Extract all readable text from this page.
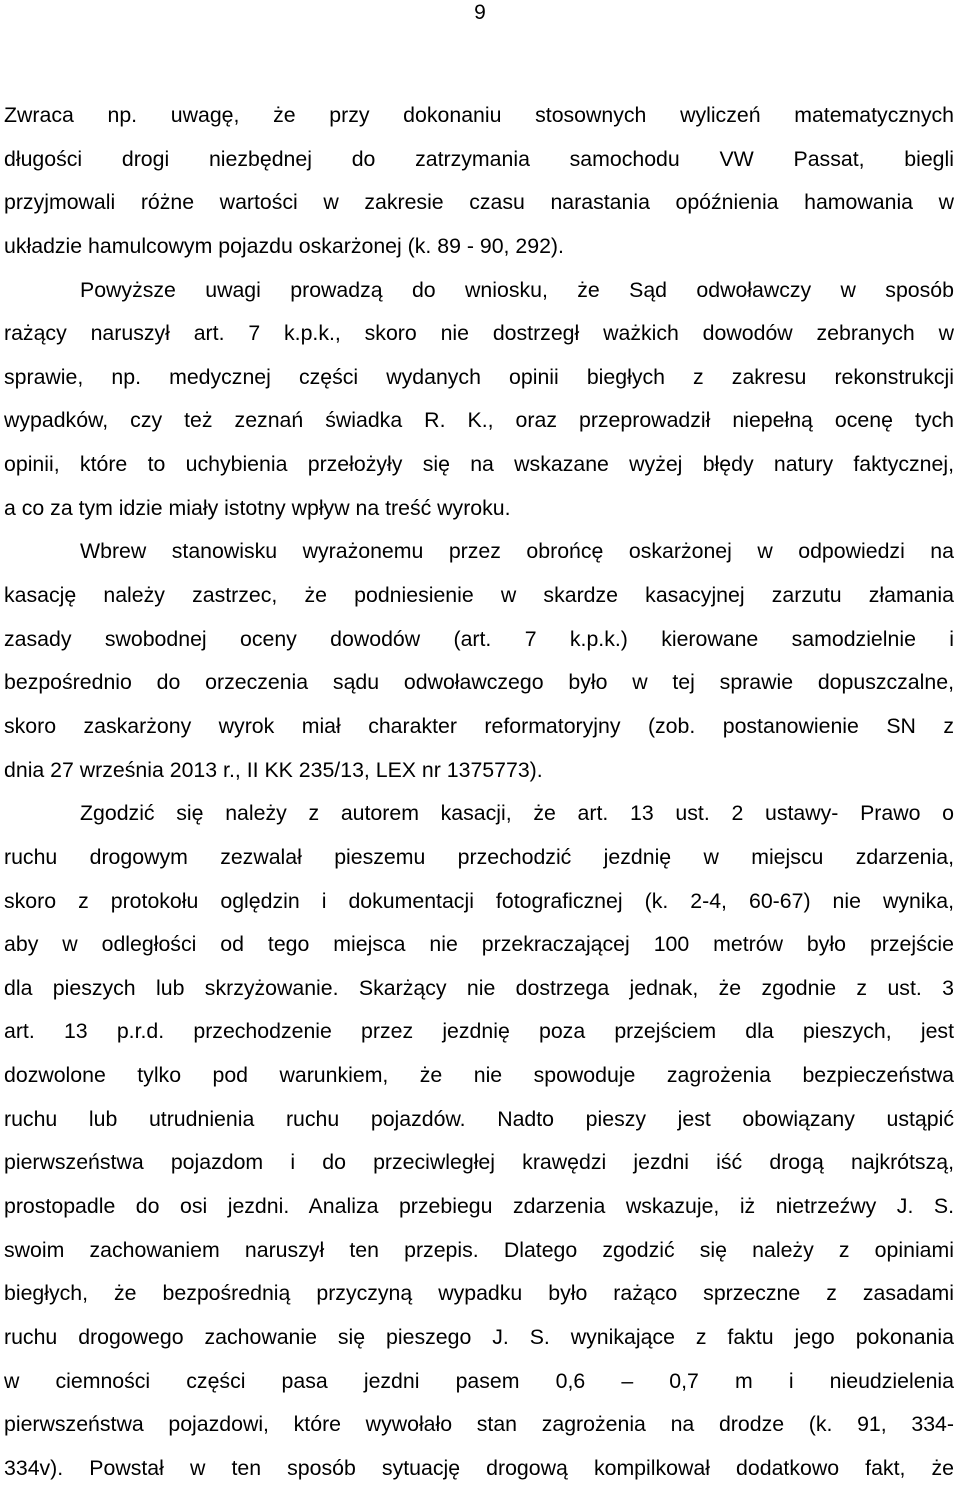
9
Zwraca np. uwagę, że przy dokonaniu stosownych wyliczeń matematycznych
długości drogi niezbędnej do zatrzymania samochodu VW Passat, biegli
przyjmowali różne wartości w zakresie czasu narastania opóźnienia hamowania w
układzie hamulcowym pojazdu oskarżonej (k. 89 - 90, 292).
Powyższe uwagi prowadzą do wniosku, że Sąd odwoławczy w sposób
rażący naruszył art. 7 k.p.k., skoro nie dostrzegł ważkich dowodów zebranych w
sprawie, np. medycznej części wydanych opinii biegłych z zakresu rekonstrukcji
wypadków, czy też zeznań świadka R. K., oraz przeprowadził niepełną ocenę tych
opinii, które to uchybienia przełożyły się na wskazane wyżej błędy natury faktycznej,
a co za tym idzie miały istotny wpływ na treść wyroku.
Wbrew stanowisku wyrażonemu przez obrońcę oskarżonej w odpowiedzi na
kasację należy zastrzec, że podniesienie w skardze kasacyjnej zarzutu złamania
zasady swobodnej oceny dowodów (art. 7 k.p.k.) kierowane samodzielnie i
bezpośrednio do orzeczenia sądu odwoławczego było w tej sprawie dopuszczalne,
skoro zaskarżony wyrok miał charakter reformatoryjny (zob. postanowienie SN z
dnia 27 września 2013 r., II KK 235/13, LEX nr 1375773).
Zgodzić się należy z autorem kasacji, że art. 13 ust. 2 ustawy- Prawo o
ruchu drogowym zezwalał pieszemu przechodzić jezdnię w miejscu zdarzenia,
skoro z protokołu oględzin i dokumentacji fotograficznej (k. 2-4, 60-67) nie wynika,
aby w odległości od tego miejsca nie przekraczającej 100 metrów było przejście
dla pieszych lub skrzyżowanie. Skarżący nie dostrzega jednak, że zgodnie z ust. 3
art. 13 p.r.d. przechodzenie przez jezdnię poza przejściem dla pieszych, jest
dozwolone tylko pod warunkiem, że nie spowoduje zagrożenia bezpieczeństwa
ruchu lub utrudnienia ruchu pojazdów. Nadto pieszy jest obowiązany ustąpić
pierwszeństwa pojazdom i do przeciwległej krawędzi jezdni iść drogą najkrótszą,
prostopadle do osi jezdni. Analiza przebiegu zdarzenia wskazuje, iż nietrzeźwy J. S.
swoim zachowaniem naruszył ten przepis. Dlatego zgodzić się należy z opiniami
biegłych, że bezpośrednią przyczyną wypadku było rażąco sprzeczne z zasadami
ruchu drogowego zachowanie się pieszego J. S. wynikające z faktu jego pokonania
w ciemności części pasa jezdni pasem 0,6 – 0,7 m i nieudzielenia
pierwszeństwa pojazdowi, które wywołało stan zagrożenia na drodze (k. 91, 334-
334v). Powstał w ten sposób sytuację drogową kompilkował dodatkowo fakt, że
